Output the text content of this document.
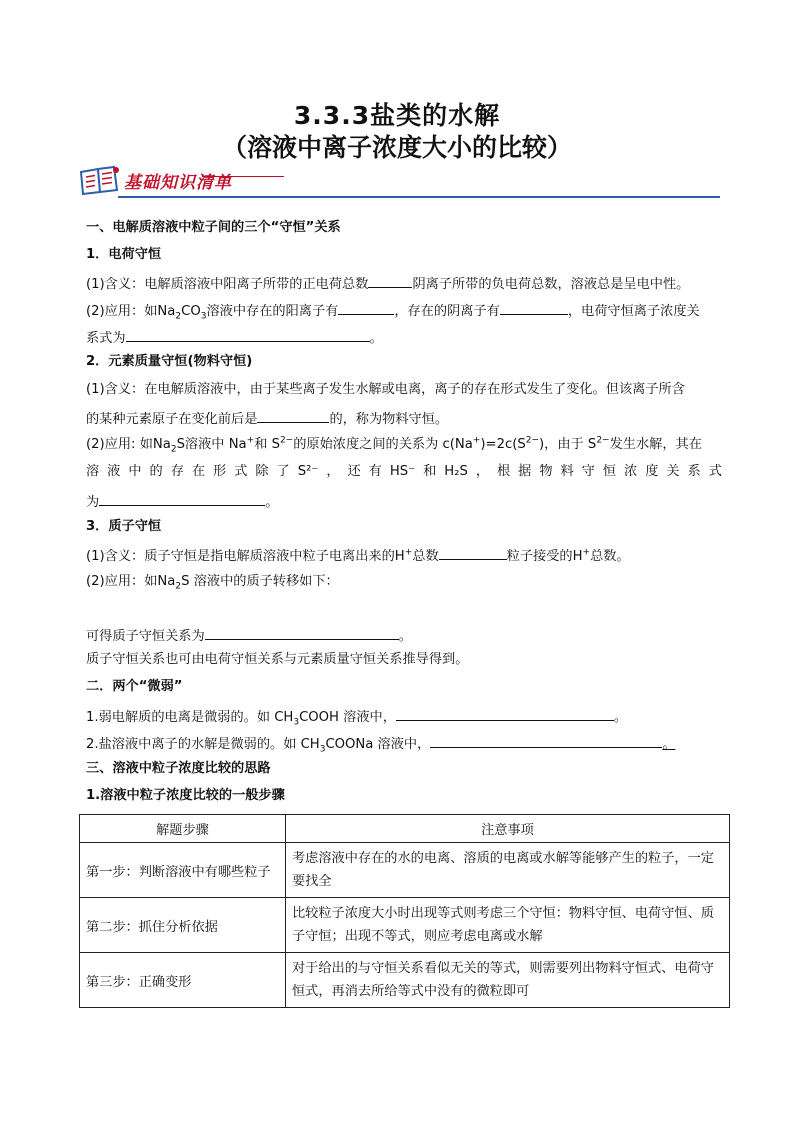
3.3.3盐类的水解
（溶液中离子浓度大小的比较）
基础知识清单
一、电解质溶液中粒子间的三个“守恒”关系
1．电荷守恒
(1)含义：电解质溶液中阳离子所带的正电荷总数	阴离子所带的负电荷总数，溶液总是呈电中性。
(2)应用：如$Na_2CO_3$溶液中存在的阳离子有	，存在的阴离子有	，电荷守恒离子浓度关
系式为	。
2．元素质量守恒(物料守恒)
(1)含义：在电解质溶液中，由于某些离子发生水解或电离，离子的存在形式发生了变化。但该离子所含
的某种元素原子在变化前后是	的，称为物料守恒。
(2)应用: 如$Na_2S$溶液中 Na+和 $S^{2-}$的原始浓度之间的关系为 $c(Na^+)=2c(S^{2-})$，由于 $S^{2-}$发生水解，其在
溶 液 中 的 存 在 形 式 除 了 S²⁻ ， 还 有 HS⁻ 和 H₂S ， 根 据 物 料 守 恒 浓 度 关 系 式
为	。
3．质子守恒
(1)含义：质子守恒是指电解质溶液中粒子电离出来的H+总数	粒子接受的H+总数。
(2)应用：如$Na_2S$ 溶液中的质子转移如下：
可得质子守恒关系为	。
质子守恒关系也可由电荷守恒关系与元素质量守恒关系推导得到。
二．两个“微弱”
1.弱电解质的电离是微弱的。如 $CH_3COOH$ 溶液中，	。
2.盐溶液中离子的水解是微弱的。如 $CH_3COONa$ 溶液中，	。
三、溶液中粒子浓度比较的思路
1.溶液中粒子浓度比较的一般步骤
解题步骤	注意事项
第一步：判断溶液中有哪些粒子	考虑溶液中存在的水的电离、溶质的电离或水解等能够产生的粒子，一定要找全
第二步：抓住分析依据	比较粒子浓度大小时出现等式则考虑三个守恒：物料守恒、电荷守恒、质子守恒；出现不等式，则应考虑电离或水解
第三步：正确变形	对于给出的与守恒关系看似无关的等式，则需要列出物料守恒式、电荷守恒式，再消去所给等式中没有的微粒即可
